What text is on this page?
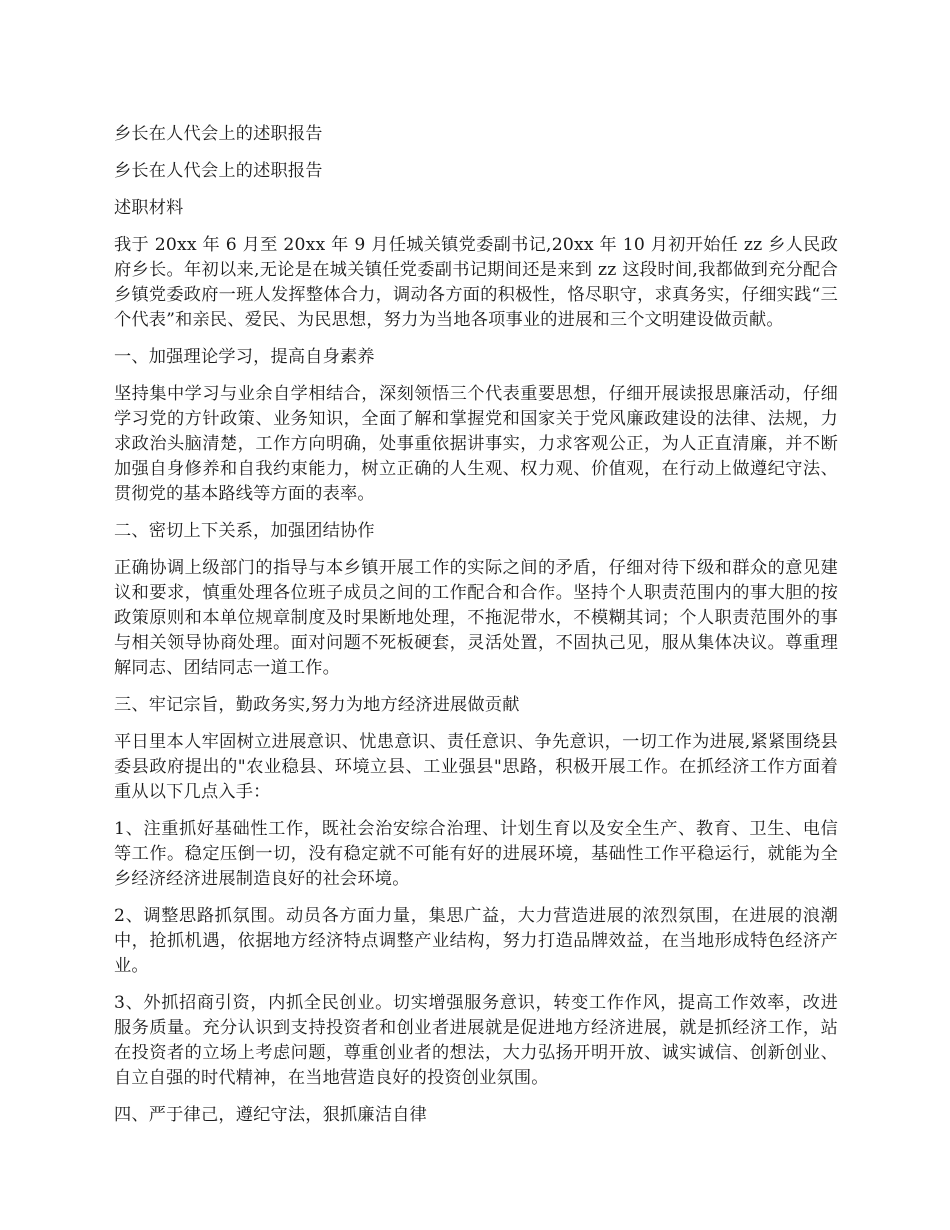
乡长在人代会上的述职报告

乡长在人代会上的述职报告

述职材料

我于 20xx 年 6 月至 20xx 年 9 月任城关镇党委副书记,20xx 年 10 月初开始任 zz 乡人民政府乡长。年初以来,无论是在城关镇任党委副书记期间还是来到 zz 这段时间,我都做到充分配合乡镇党委政府一班人发挥整体合力，调动各方面的积极性，恪尽职守，求真务实，仔细实践“三个代表”和亲民、爱民、为民思想，努力为当地各项事业的进展和三个文明建设做贡献。

一、加强理论学习，提高自身素养

坚持集中学习与业余自学相结合，深刻领悟三个代表重要思想，仔细开展读报思廉活动，仔细学习党的方针政策、业务知识，全面了解和掌握党和国家关于党风廉政建设的法律、法规，力求政治头脑清楚，工作方向明确，处事重依据讲事实，力求客观公正，为人正直清廉，并不断加强自身修养和自我约束能力，树立正确的人生观、权力观、价值观，在行动上做遵纪守法、贯彻党的基本路线等方面的表率。

二、密切上下关系，加强团结协作

正确协调上级部门的指导与本乡镇开展工作的实际之间的矛盾，仔细对待下级和群众的意见建议和要求，慎重处理各位班子成员之间的工作配合和合作。坚持个人职责范围内的事大胆的按政策原则和本单位规章制度及时果断地处理，不拖泥带水，不模糊其词；个人职责范围外的事与相关领导协商处理。面对问题不死板硬套，灵活处置，不固执己见，服从集体决议。尊重理解同志、团结同志一道工作。

三、牢记宗旨，勤政务实,努力为地方经济进展做贡献

平日里本人牢固树立进展意识、忧患意识、责任意识、争先意识，一切工作为进展,紧紧围绕县委县政府提出的"农业稳县、环境立县、工业强县"思路，积极开展工作。在抓经济工作方面着重从以下几点入手：

1、注重抓好基础性工作，既社会治安综合治理、计划生育以及安全生产、教育、卫生、电信等工作。稳定压倒一切，没有稳定就不可能有好的进展环境，基础性工作平稳运行，就能为全乡经济经济进展制造良好的社会环境。

2、调整思路抓氛围。动员各方面力量，集思广益，大力营造进展的浓烈氛围，在进展的浪潮中，抢抓机遇，依据地方经济特点调整产业结构，努力打造品牌效益，在当地形成特色经济产业。

3、外抓招商引资，内抓全民创业。切实增强服务意识，转变工作作风，提高工作效率，改进服务质量。充分认识到支持投资者和创业者进展就是促进地方经济进展，就是抓经济工作，站在投资者的立场上考虑问题，尊重创业者的想法，大力弘扬开明开放、诚实诚信、创新创业、自立自强的时代精神，在当地营造良好的投资创业氛围。

四、严于律己，遵纪守法，狠抓廉洁自律
